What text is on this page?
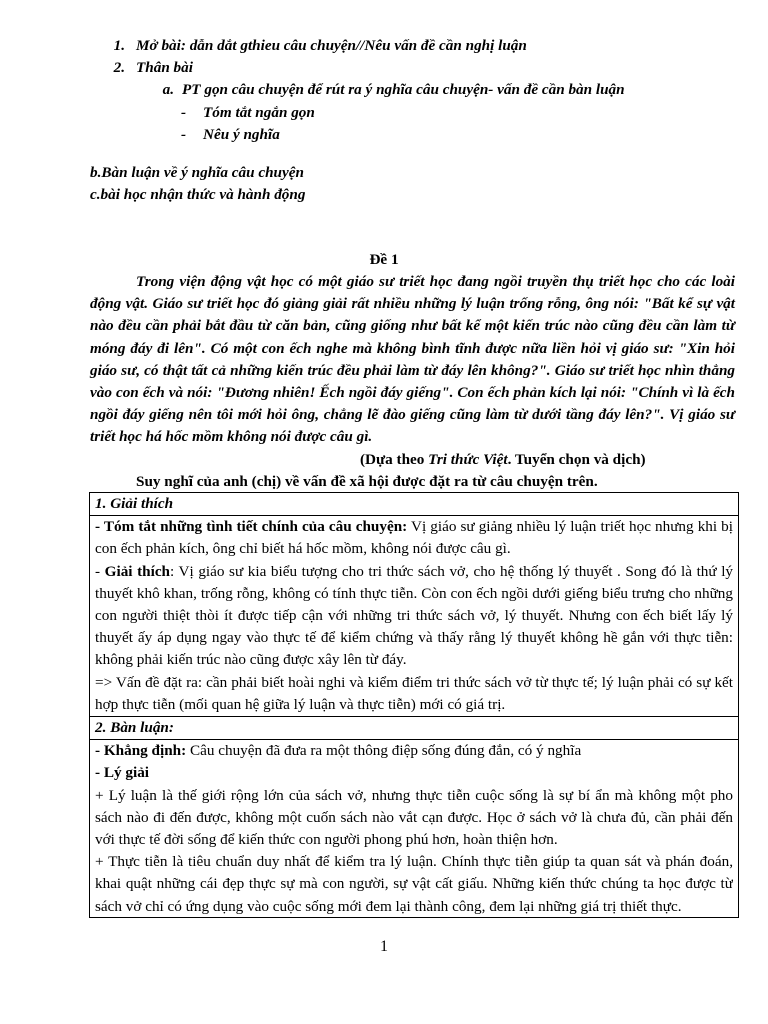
1. Mở bài: dẫn dắt gthieu câu chuyện//Nêu vấn đề cần nghị luận
2. Thân bài
a. PT gọn câu chuyện để rút ra ý nghĩa câu chuyện- vấn đề cần bàn luận
- Tóm tắt ngắn gọn
- Nêu ý nghĩa
b.Bàn luận về ý nghĩa câu chuyện
c.bài học nhận thức và hành động
Đề 1

Trong viện động vật học có một giáo sư triết học đang ngồi truyền thụ triết học cho các loài động vật. Giáo sư triết học đó giảng giải rất nhiều những lý luận trống rỗng, ông nói: "Bất kể sự vật nào đều cần phải bắt đầu từ căn bản, cũng giống như bất kể một kiến trúc nào cũng đều cần làm từ móng đáy đi lên". Có một con ếch nghe mà không bình tĩnh được nữa liền hỏi vị giáo sư: "Xin hỏi giáo sư, có thật tất cả những kiến trúc đều phải làm từ đáy lên không?". Giáo sư triết học nhìn thẳng vào con ếch và nói: "Đương nhiên! Ếch ngồi đáy giếng". Con ếch phản kích lại nói: "Chính vì là ếch ngồi đáy giếng nên tôi mới hỏi ông, chẳng lẽ đào giếng cũng làm từ dưới tầng đáy lên?". Vị giáo sư triết học há hốc mồm không nói được câu gì.

(Dựa theo Tri thức Việt. Tuyển chọn và dịch)
Suy nghĩ của anh (chị) về vấn đề xã hội được đặt ra từ câu chuyện trên.
1. Giải thích

- Tóm tắt những tình tiết chính của câu chuyện: Vị giáo sư giảng nhiều lý luận triết học nhưng khi bị con ếch phản kích, ông chỉ biết há hốc mồm, không nói được câu gì.
- Giải thích: Vị giáo sư kia biểu tượng cho tri thức sách vở, cho hệ thống lý thuyết . Song đó là thứ lý thuyết khô khan, trống rỗng, không có tính thực tiễn. Còn con ếch ngồi dưới giếng biểu trưng cho những con người thiệt thòi ít được tiếp cận với những tri thức sách vở, lý thuyết. Nhưng con ếch biết lấy lý thuyết ấy áp dụng ngay vào thực tế để kiểm chứng và thấy rằng lý thuyết không hề gắn với thực tiễn: không phải kiến trúc nào cũng được xây lên từ đáy.
=> Vấn đề đặt ra: cần phải biết hoài nghi và kiểm điểm tri thức sách vở từ thực tế; lý luận phải có sự kết hợp thực tiễn (mối quan hệ giữa lý luận và thực tiễn) mới có giá trị.

2. Bàn luận:

- Khẳng định: Câu chuyện đã đưa ra một thông điệp sống đúng đắn, có ý nghĩa
- Lý giải
+ Lý luận là thế giới rộng lớn của sách vở, nhưng thực tiễn cuộc sống là sự bí ẩn mà không một pho sách nào đi đến được, không một cuốn sách nào vắt cạn được. Học ở sách vở là chưa đủ, cần phải đến với thực tế đời sống để kiến thức con người phong phú hơn, hoàn thiện hơn.
+ Thực tiễn là tiêu chuẩn duy nhất để kiểm tra lý luận. Chính thực tiễn giúp ta quan sát và phán đoán, khai quật những cái đẹp thực sự mà con người, sự vật cất giấu. Những kiến thức chúng ta học được từ sách vở chỉ có ứng dụng vào cuộc sống mới đem lại thành công, đem lại những giá trị thiết thực.
1
